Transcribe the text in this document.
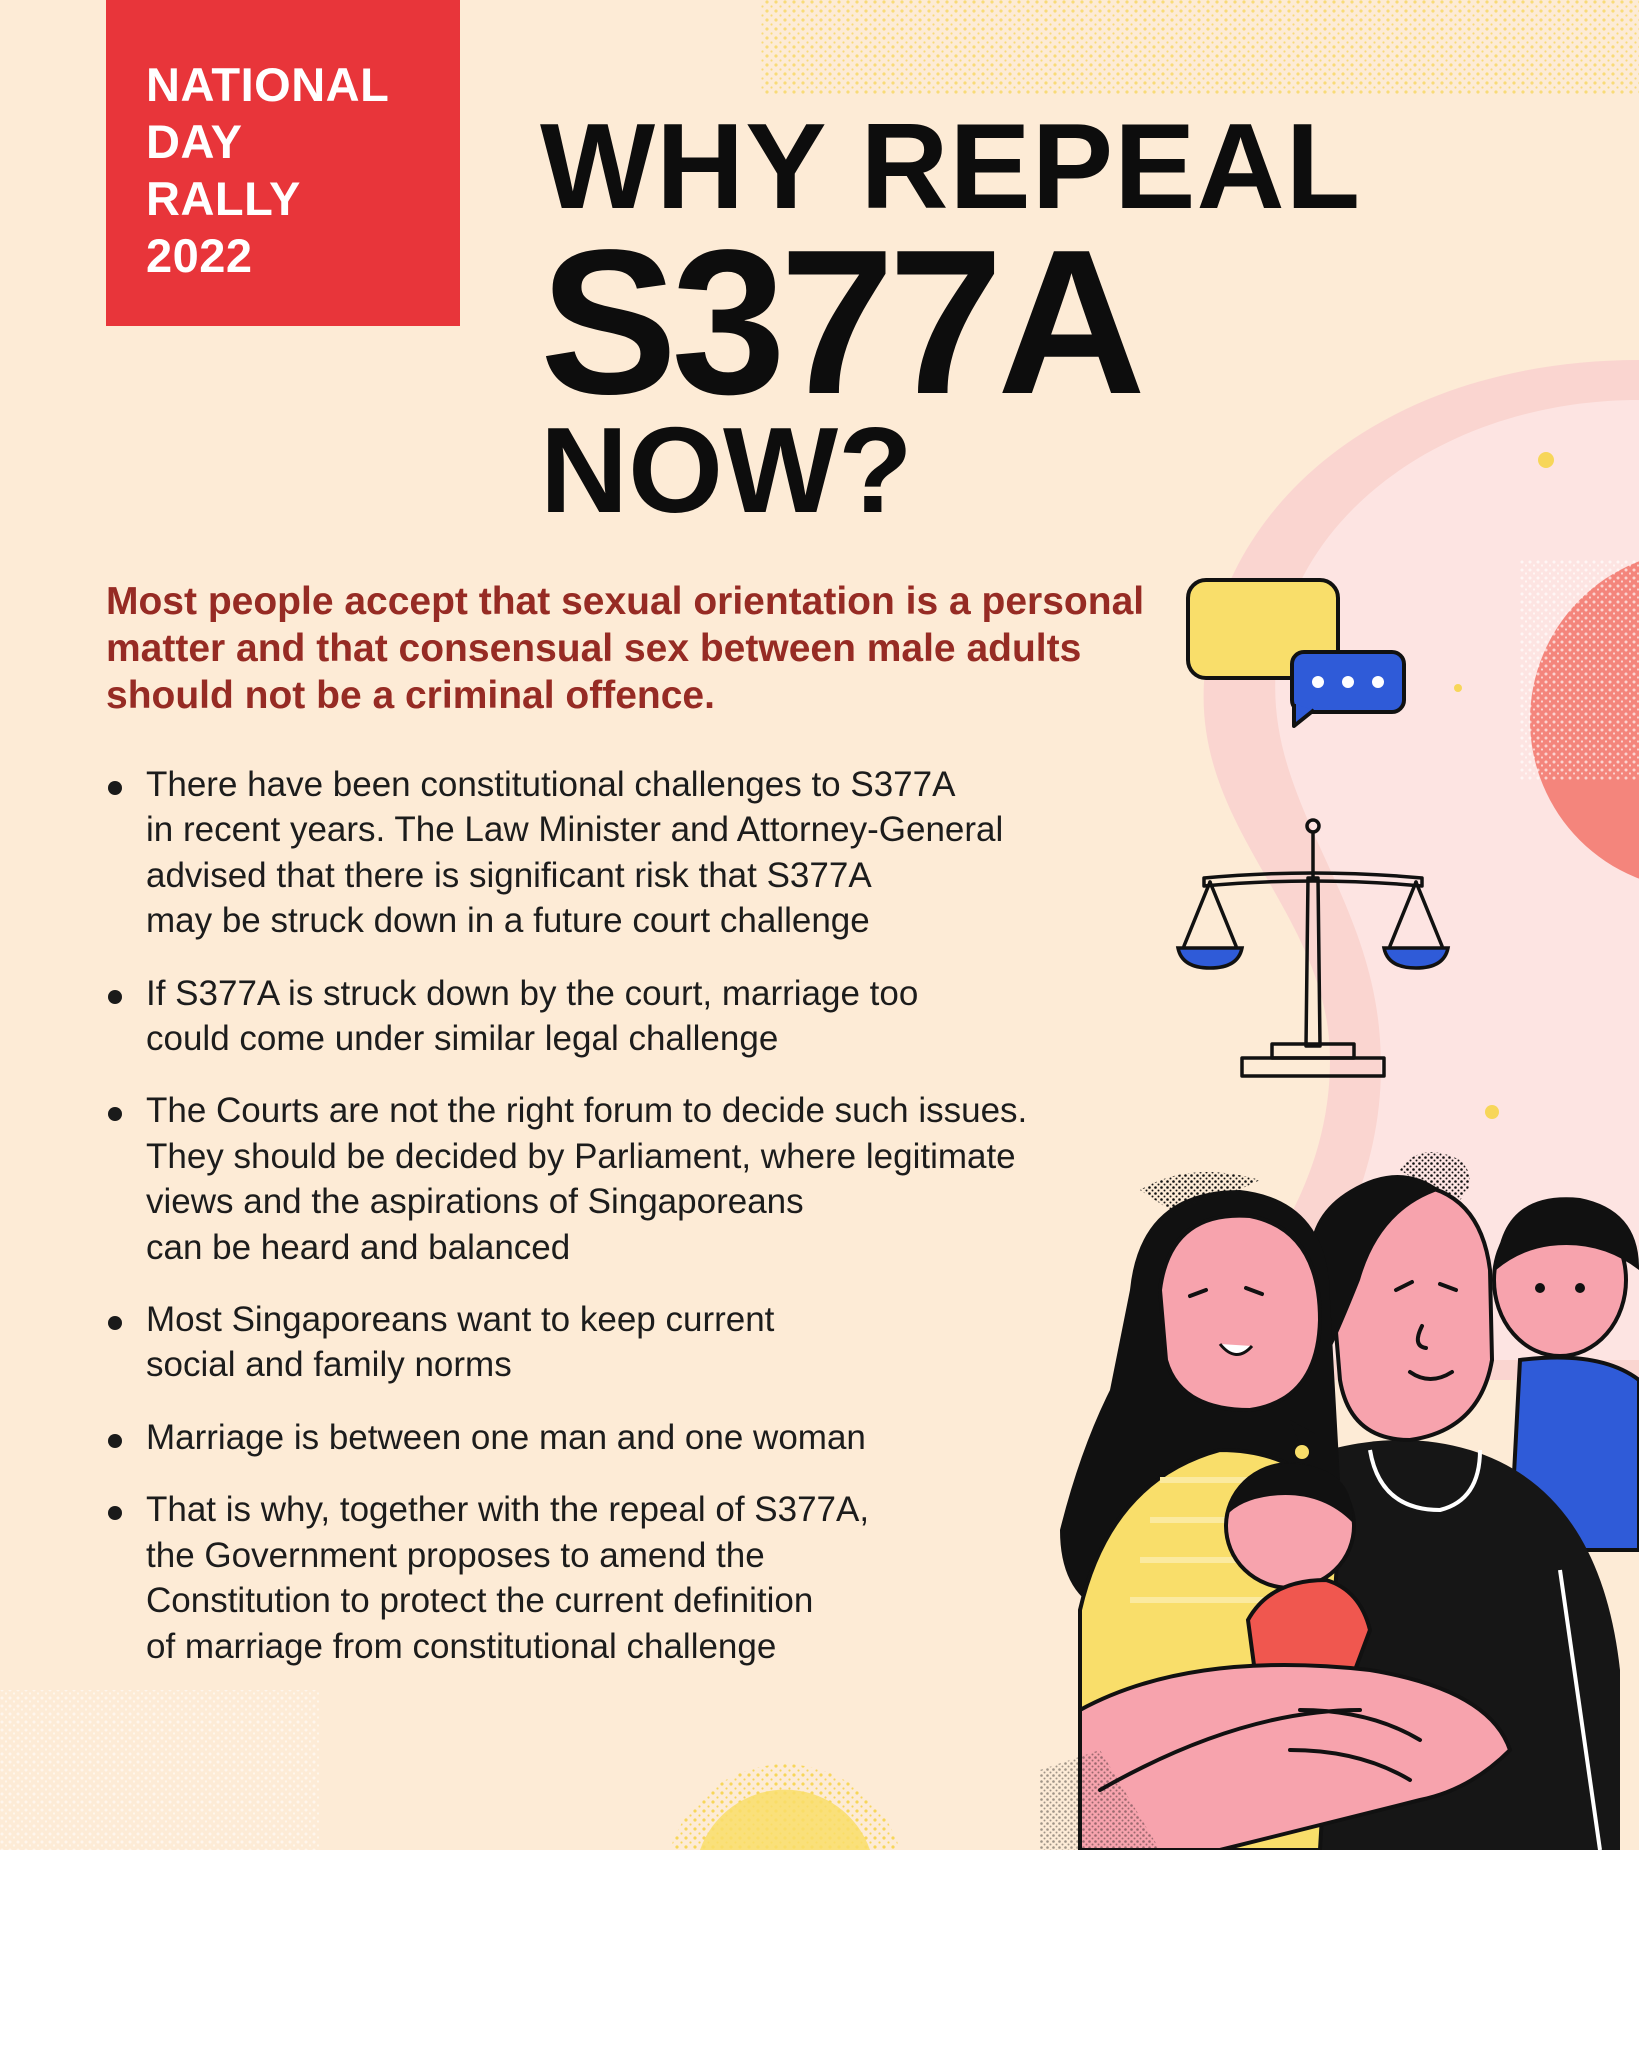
NATIONAL
DAY
RALLY
2022
WHY REPEAL
S377A
NOW?
Most people accept that sexual orientation is a personal matter and that consensual sex between male adults should not be a criminal offence.
There have been constitutional challenges to S377A
in recent years. The Law Minister and Attorney-General
advised that there is significant risk that S377A
may be struck down in a future court challenge
If S377A is struck down by the court, marriage too
could come under similar legal challenge
The Courts are not the right forum to decide such issues.
They should be decided by Parliament, where legitimate
views and the aspirations of Singaporeans
can be heard and balanced
Most Singaporeans want to keep current
social and family norms
Marriage is between one man and one woman
That is why, together with the repeal of S377A,
the Government proposes to amend the
Constitution to protect the current definition
of marriage from constitutional challenge
